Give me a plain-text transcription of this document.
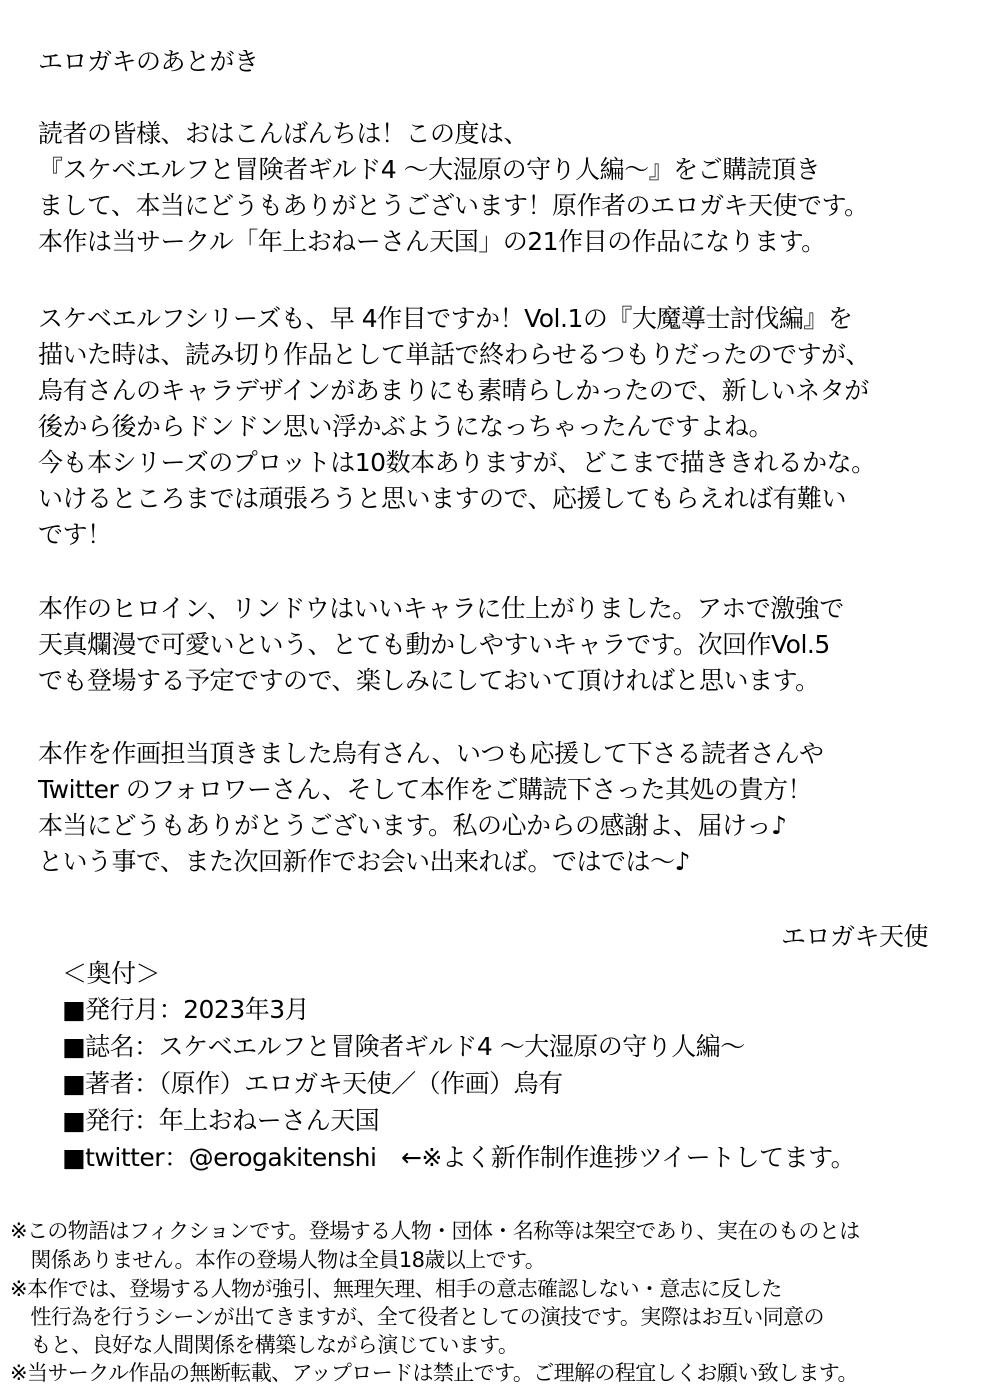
エロガキのあとがき
読者の皆様、おはこんばんちは！この度は、
『スケベエルフと冒険者ギルド4 ～大湿原の守り人編～』をご購読頂き
まして、本当にどうもありがとうございます！原作者のエロガキ天使です。
本作は当サークル「年上おねーさん天国」の21作目の作品になります。
スケベエルフシリーズも、早 4作目ですか！Vol.1の『大魔導士討伐編』を
描いた時は、読み切り作品として単話で終わらせるつもりだったのですが、
烏有さんのキャラデザインがあまりにも素晴らしかったので、新しいネタが
後から後からドンドン思い浮かぶようになっちゃったんですよね。
今も本シリーズのプロットは10数本ありますが、どこまで描ききれるかな。
いけるところまでは頑張ろうと思いますので、応援してもらえれば有難い
です！
本作のヒロイン、リンドウはいいキャラに仕上がりました。アホで激強で
天真爛漫で可愛いという、とても動かしやすいキャラです。次回作Vol.5
でも登場する予定ですので、楽しみにしておいて頂ければと思います。
本作を作画担当頂きました烏有さん、いつも応援して下さる読者さんや
Twitter のフォロワーさん、そして本作をご購読下さった其処の貴方！
本当にどうもありがとうございます。私の心からの感謝よ、届けっ♪
という事で、また次回新作でお会い出来れば。ではでは～♪
エロガキ天使
＜奥付＞
■発行月：2023年3月
■誌名：スケベエルフと冒険者ギルド4 ～大湿原の守り人編～
■著者：（原作）エロガキ天使／（作画）烏有
■発行：年上おねーさん天国
■twitter：@erogakitenshi　←※よく新作制作進捗ツイートしてます。
※この物語はフィクションです。登場する人物・団体・名称等は架空であり、実在のものとは
　関係ありません。本作の登場人物は全員18歳以上です。
※本作では、登場する人物が強引、無理矢理、相手の意志確認しない・意志に反した
　性行為を行うシーンが出てきますが、全て役者としての演技です。実際はお互い同意の
　もと、良好な人間関係を構築しながら演じています。
※当サークル作品の無断転載、アップロードは禁止です。ご理解の程宜しくお願い致します。
